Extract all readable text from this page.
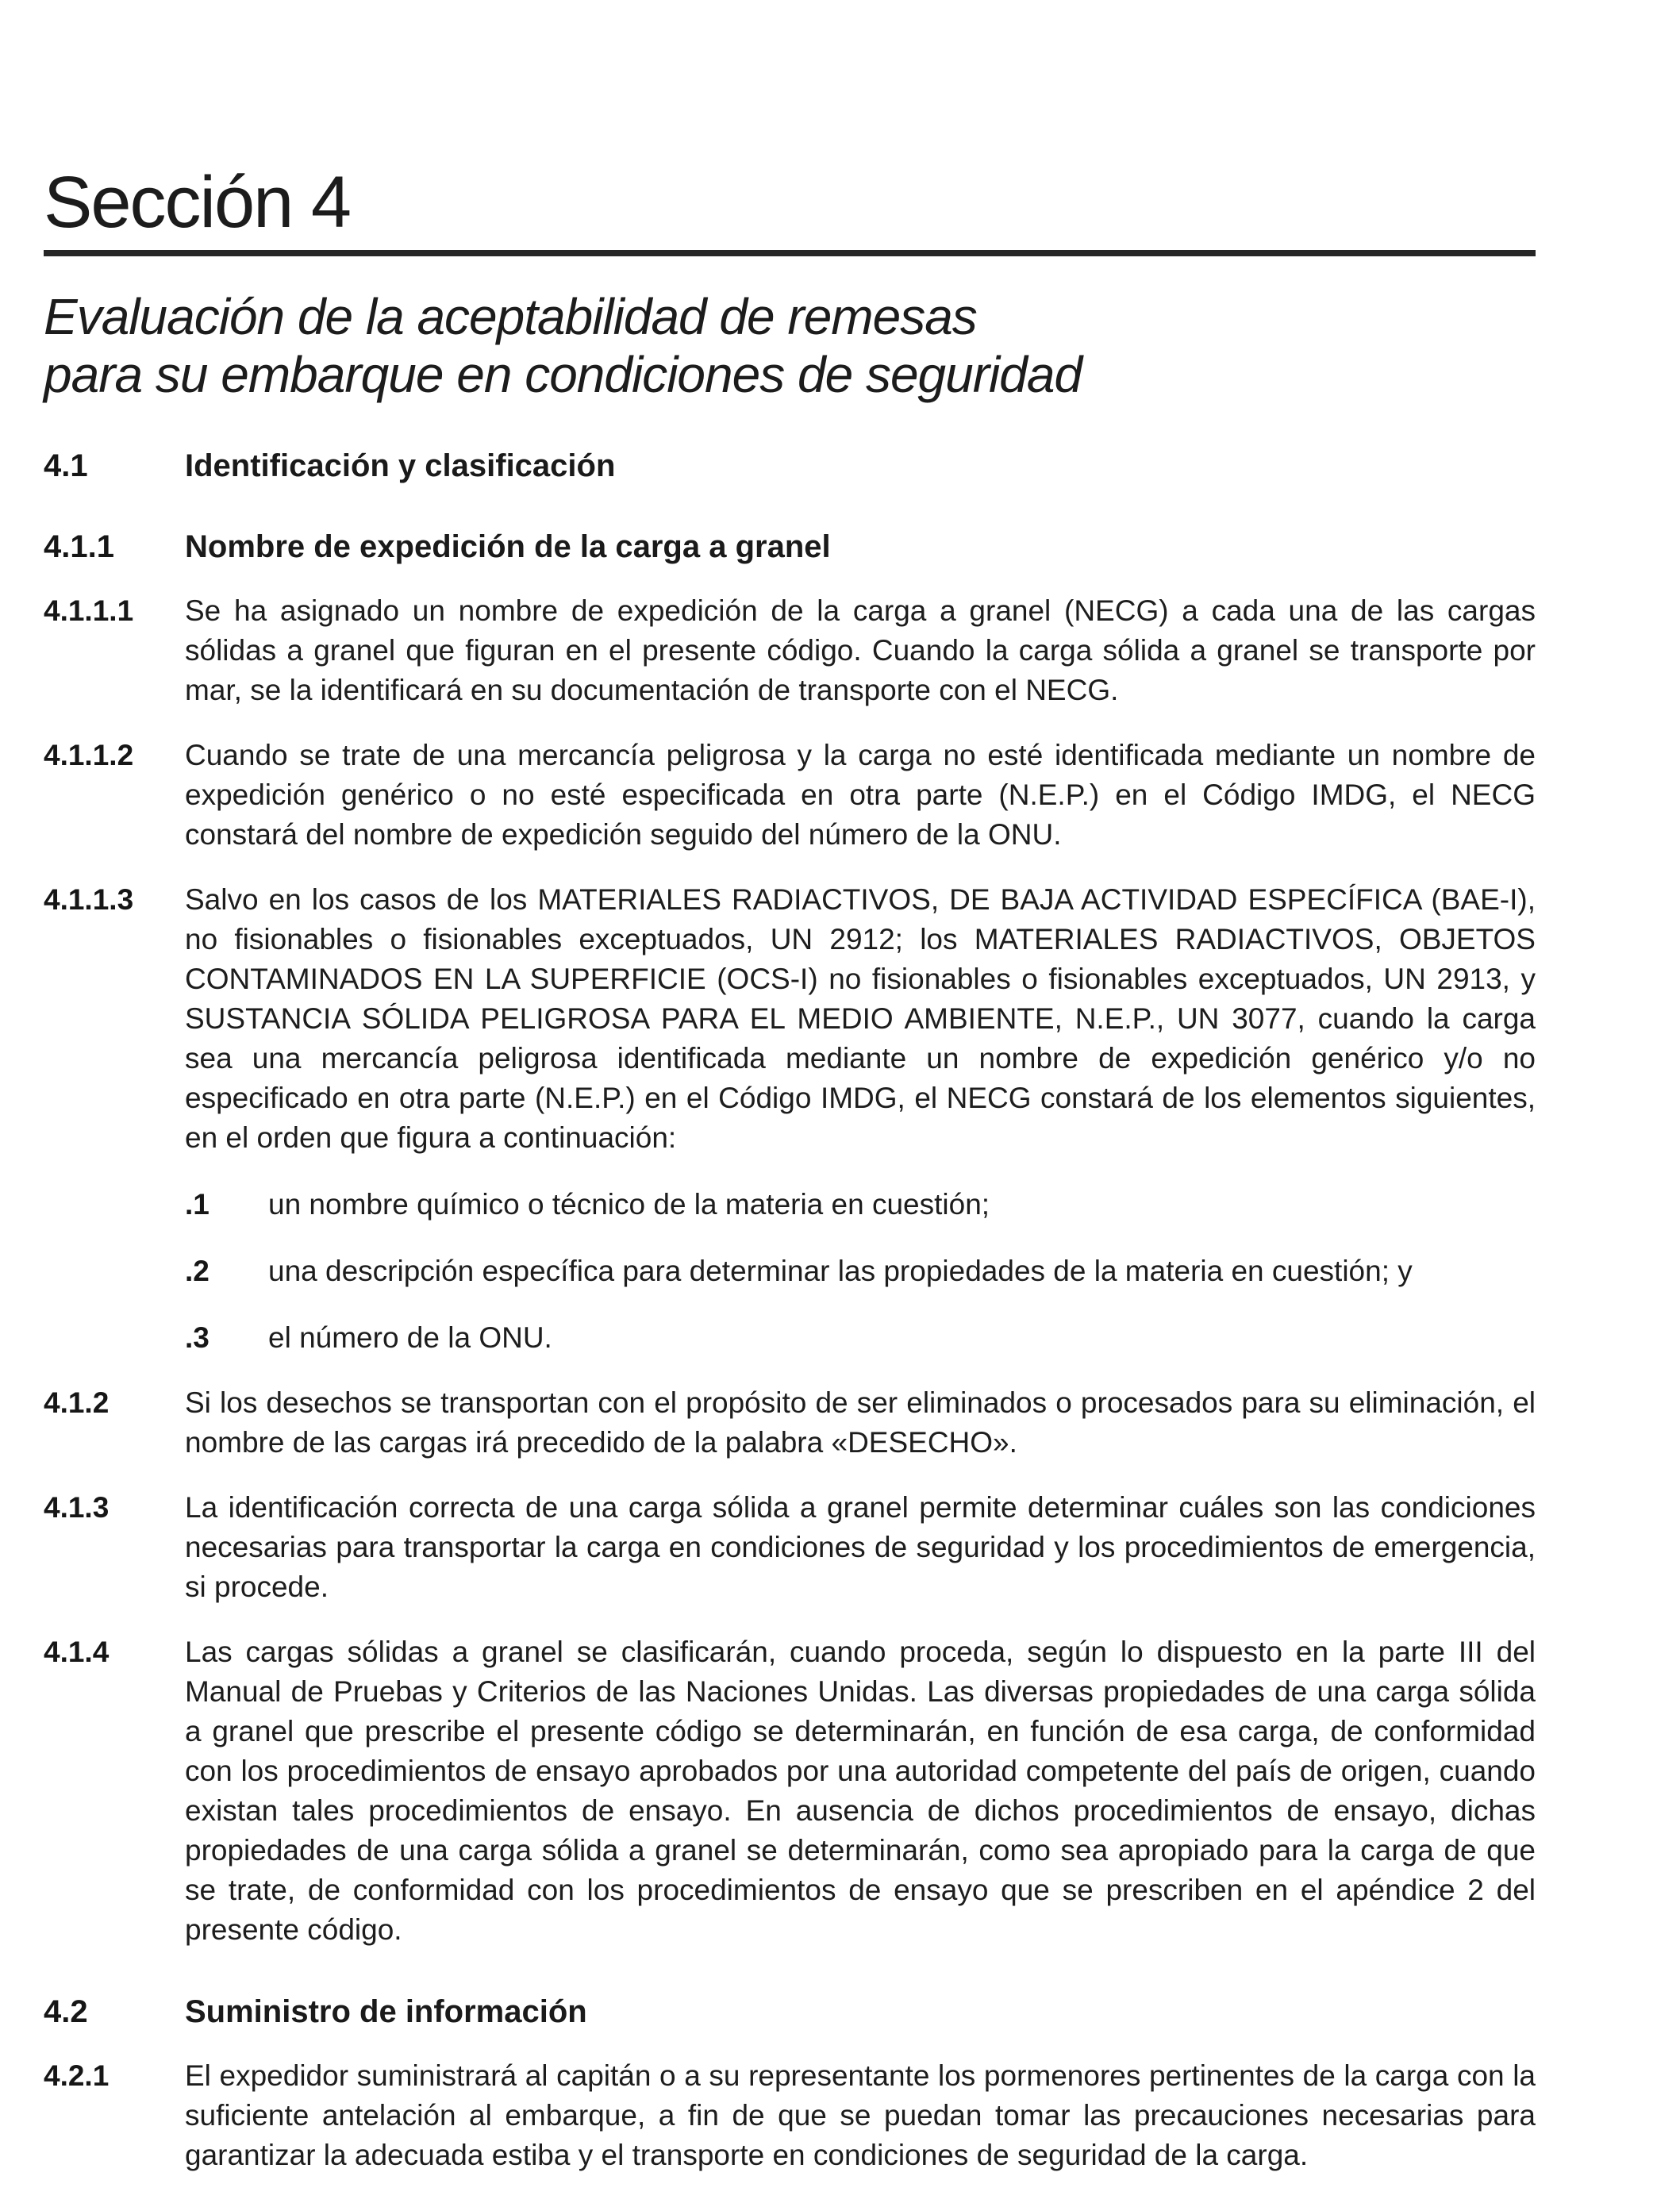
Sección 4
Evaluación de la aceptabilidad de remesas
para su embarque en condiciones de seguridad
4.1	Identificación y clasificación
4.1.1	Nombre de expedición de la carga a granel
4.1.1.1	Se ha asignado un nombre de expedición de la carga a granel (NECG) a cada una de las cargas sólidas a granel que figuran en el presente código. Cuando la carga sólida a granel se transporte por mar, se la identificará en su documentación de transporte con el NECG.

4.1.1.2	Cuando se trate de una mercancía peligrosa y la carga no esté identificada mediante un nombre de expedición genérico o no esté especificada en otra parte (N.E.P.) en el Código IMDG, el NECG constará del nombre de expedición seguido del número de la ONU.

4.1.1.3	Salvo en los casos de los MATERIALES RADIACTIVOS, DE BAJA ACTIVIDAD ESPECÍFICA (BAE-I), no fisionables o fisionables exceptuados, UN 2912; los MATERIALES RADIACTIVOS, OBJETOS CONTAMINADOS EN LA SUPERFICIE (OCS-I) no fisionables o fisionables exceptuados, UN 2913, y SUSTANCIA SÓLIDA PELIGROSA PARA EL MEDIO AMBIENTE, N.E.P., UN 3077, cuando la carga sea una mercancía peligrosa identificada mediante un nombre de expedición genérico y/o no especificado en otra parte (N.E.P.) en el Código IMDG, el NECG constará de los elementos siguientes, en el orden que figura a continuación:

.1	un nombre químico o técnico de la materia en cuestión;

.2	una descripción específica para determinar las propiedades de la materia en cuestión; y

.3	el número de la ONU.

4.1.2	Si los desechos se transportan con el propósito de ser eliminados o procesados para su eliminación, el nombre de las cargas irá precedido de la palabra «DESECHO».

4.1.3	La identificación correcta de una carga sólida a granel permite determinar cuáles son las condiciones necesarias para transportar la carga en condiciones de seguridad y los procedimientos de emergencia, si procede.

4.1.4	Las cargas sólidas a granel se clasificarán, cuando proceda, según lo dispuesto en la parte III del Manual de Pruebas y Criterios de las Naciones Unidas. Las diversas propiedades de una carga sólida a granel que prescribe el presente código se determinarán, en función de esa carga, de conformidad con los procedimientos de ensayo aprobados por una autoridad competente del país de origen, cuando existan tales procedimientos de ensayo. En ausencia de dichos procedimientos de ensayo, dichas propiedades de una carga sólida a granel se determinarán, como sea apropiado para la carga de que se trate, de conformidad con los procedimientos de ensayo que se prescriben en el apéndice 2 del presente código.

4.2	Suministro de información
4.2.1	El expedidor suministrará al capitán o a su representante los pormenores pertinentes de la carga con la suficiente antelación al embarque, a fin de que se puedan tomar las precauciones necesarias para garantizar la adecuada estiba y el transporte en condiciones de seguridad de la carga.
